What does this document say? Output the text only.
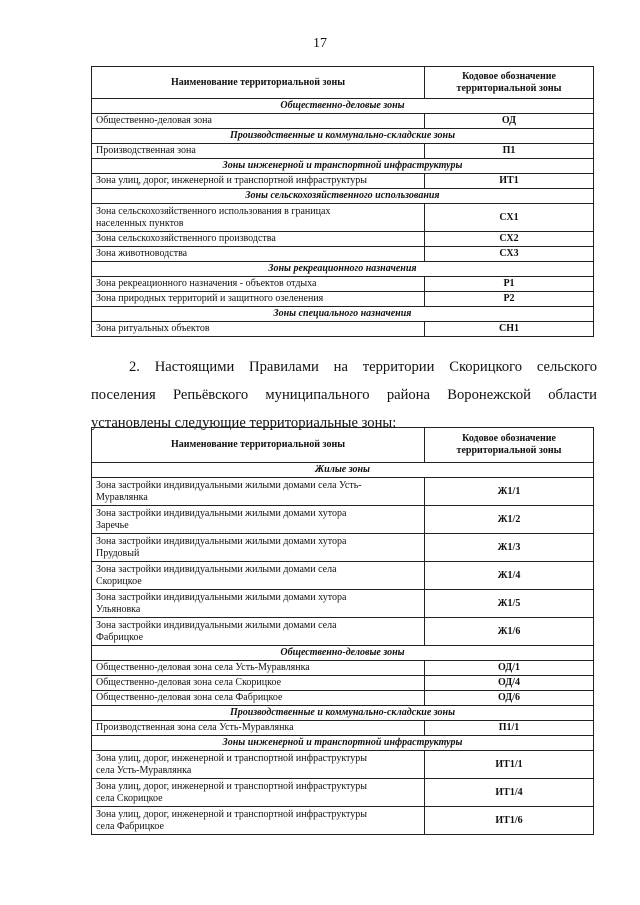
17
Наименование территориальной зоны	Кодовое обозначение
территориальной зоны
Общественно-деловые зоны	
Общественно-деловая зона	ОД
Производственные и коммунально-складские зоны	
Производственная зона	П1
Зоны инженерной и транспортной инфраструктуры	
Зона улиц, дорог, инженерной и транспортной инфраструктуры	ИТ1
Зоны сельскохозяйственного использования	
Зона сельскохозяйственного использования в границах
населенных пунктов	СХ1
Зона сельскохозяйственного производства	СХ2
Зона животноводства	СХ3
Зоны рекреационного назначения	
Зона рекреационного назначения - объектов отдыха	Р1
Зона природных территорий и защитного озеленения	Р2
Зоны специального назначения	
Зона ритуальных объектов	СН1
2. Настоящими Правилами на территории Скорицкого сельского
поселения Репьёвского муниципального района Воронежской области
установлены следующие территориальные зоны:
Наименование территориальной зоны	Кодовое обозначение
территориальной зоны
Жилые зоны	
Зона застройки индивидуальными жилыми домами села Усть-
Муравлянка	Ж1/1
Зона застройки индивидуальными жилыми домами хутора
Заречье	Ж1/2
Зона застройки индивидуальными жилыми домами хутора
Прудовый	Ж1/3
Зона застройки индивидуальными жилыми домами села
Скорицкое	Ж1/4
Зона застройки индивидуальными жилыми домами хутора
Ульяновка	Ж1/5
Зона застройки индивидуальными жилыми домами села
Фабрицкое	Ж1/6
Общественно-деловые зоны	
Общественно-деловая зона села Усть-Муравлянка	ОД/1
Общественно-деловая зона села Скорицкое	ОД/4
Общественно-деловая зона села Фабрицкое	ОД/6
Производственные и коммунально-складские зоны	
Производственная зона села Усть-Муравлянка	П1/1
Зоны инженерной и транспортной инфраструктуры	
Зона улиц, дорог, инженерной и транспортной инфраструктуры
села Усть-Муравлянка	ИТ1/1
Зона улиц, дорог, инженерной и транспортной инфраструктуры
села Скорицкое	ИТ1/4
Зона улиц, дорог, инженерной и транспортной инфраструктуры
села Фабрицкое	ИТ1/6
